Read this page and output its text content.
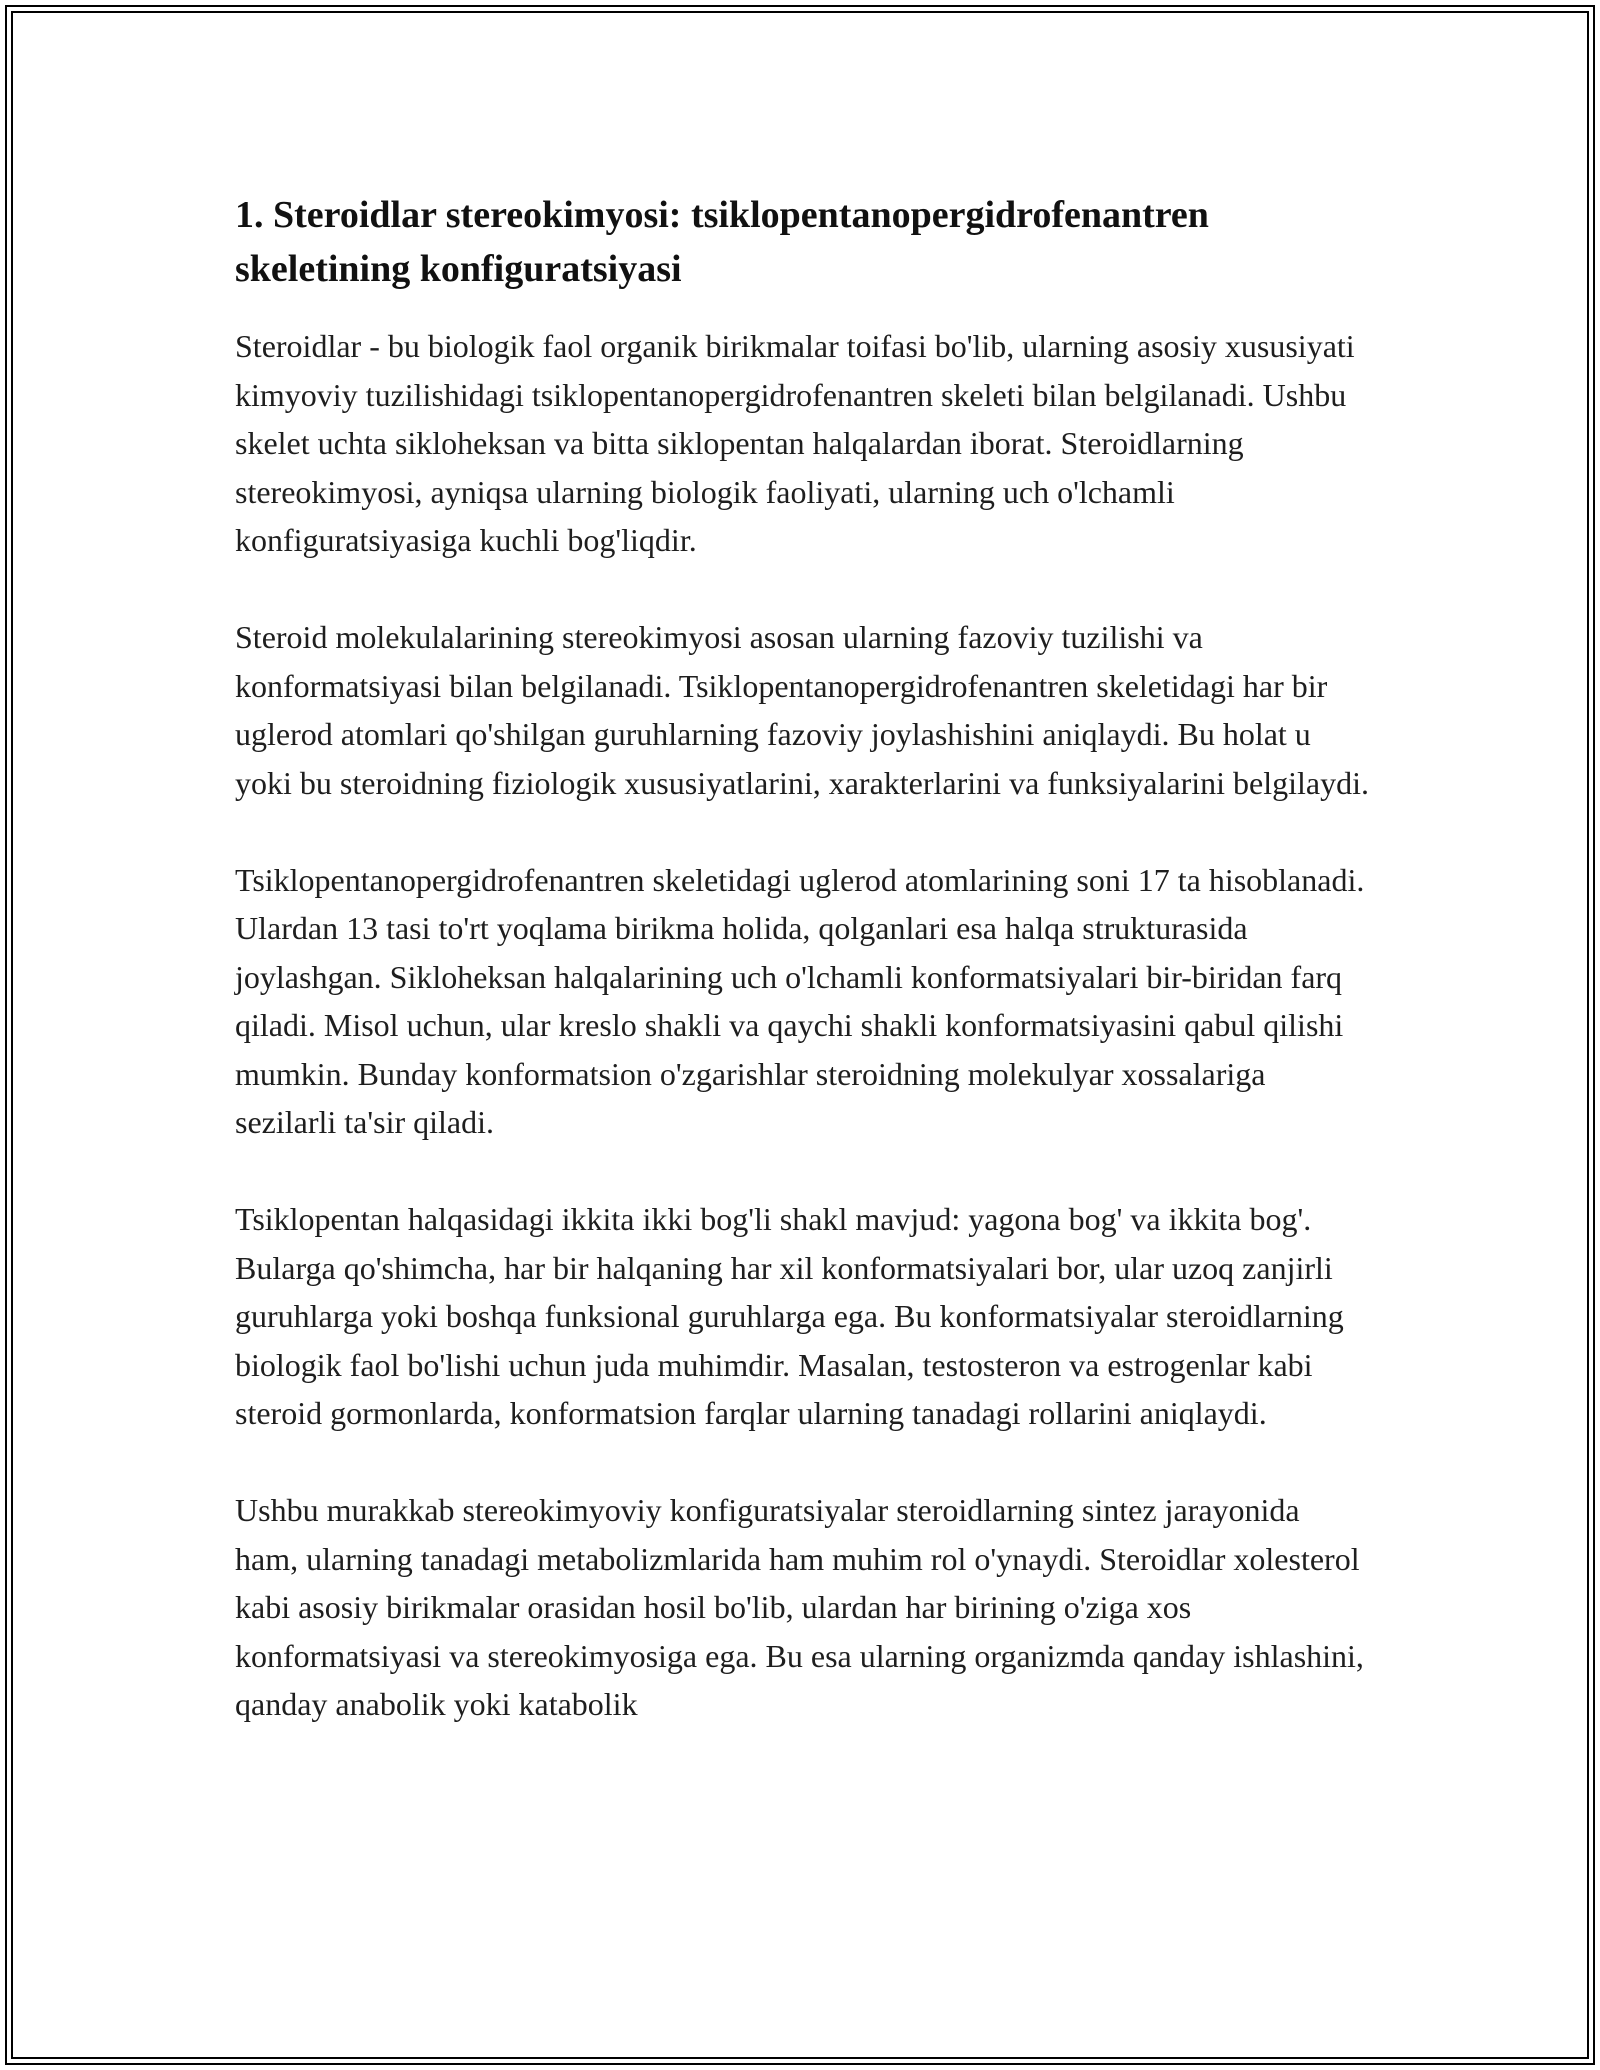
1. Steroidlar stereokimyosi: tsiklopentanopergidrofenantren skeletining konfiguratsiyasi

Steroidlar - bu biologik faol organik birikmalar toifasi bo'lib, ularning asosiy xususiyati kimyoviy tuzilishidagi tsiklopentanopergidrofenantren skeleti bilan belgilanadi. Ushbu skelet uchta sikloheksan va bitta siklopentan halqalardan iborat. Steroidlarning stereokimyosi, ayniqsa ularning biologik faoliyati, ularning uch o'lchamli konfiguratsiyasiga kuchli bog'liqdir.

Steroid molekulalarining stereokimyosi asosan ularning fazoviy tuzilishi va konformatsiyasi bilan belgilanadi. Tsiklopentanopergidrofenantren skeletidagi har bir uglerod atomlari qo'shilgan guruhlarning fazoviy joylashishini aniqlaydi. Bu holat u yoki bu steroidning fiziologik xususiyatlarini, xarakterlarini va funksiyalarini belgilaydi.

Tsiklopentanopergidrofenantren skeletidagi uglerod atomlarining soni 17 ta hisoblanadi. Ulardan 13 tasi to'rt yoqlama birikma holida, qolganlari esa halqa strukturasida joylashgan. Sikloheksan halqalarining uch o'lchamli konformatsiyalari bir-biridan farq qiladi. Misol uchun, ular kreslo shakli va qaychi shakli konformatsiyasini qabul qilishi mumkin. Bunday konformatsion o'zgarishlar steroidning molekulyar xossalariga sezilarli ta'sir qiladi.

Tsiklopentan halqasidagi ikkita ikki bog'li shakl mavjud: yagona bog' va ikkita bog'. Bularga qo'shimcha, har bir halqaning har xil konformatsiyalari bor, ular uzoq zanjirli guruhlarga yoki boshqa funksional guruhlarga ega. Bu konformatsiyalar steroidlarning biologik faol bo'lishi uchun juda muhimdir. Masalan, testosteron va estrogenlar kabi steroid gormonlarda, konformatsion farqlar ularning tanadagi rollarini aniqlaydi.

Ushbu murakkab stereokimyoviy konfiguratsiyalar steroidlarning sintez jarayonida ham, ularning tanadagi metabolizmlarida ham muhim rol o'ynaydi. Steroidlar xolesterol kabi asosiy birikmalar orasidan hosil bo'lib, ulardan har birining o'ziga xos konformatsiyasi va stereokimyosiga ega. Bu esa ularning organizmda qanday ishlashini, qanday anabolik yoki katabolik
